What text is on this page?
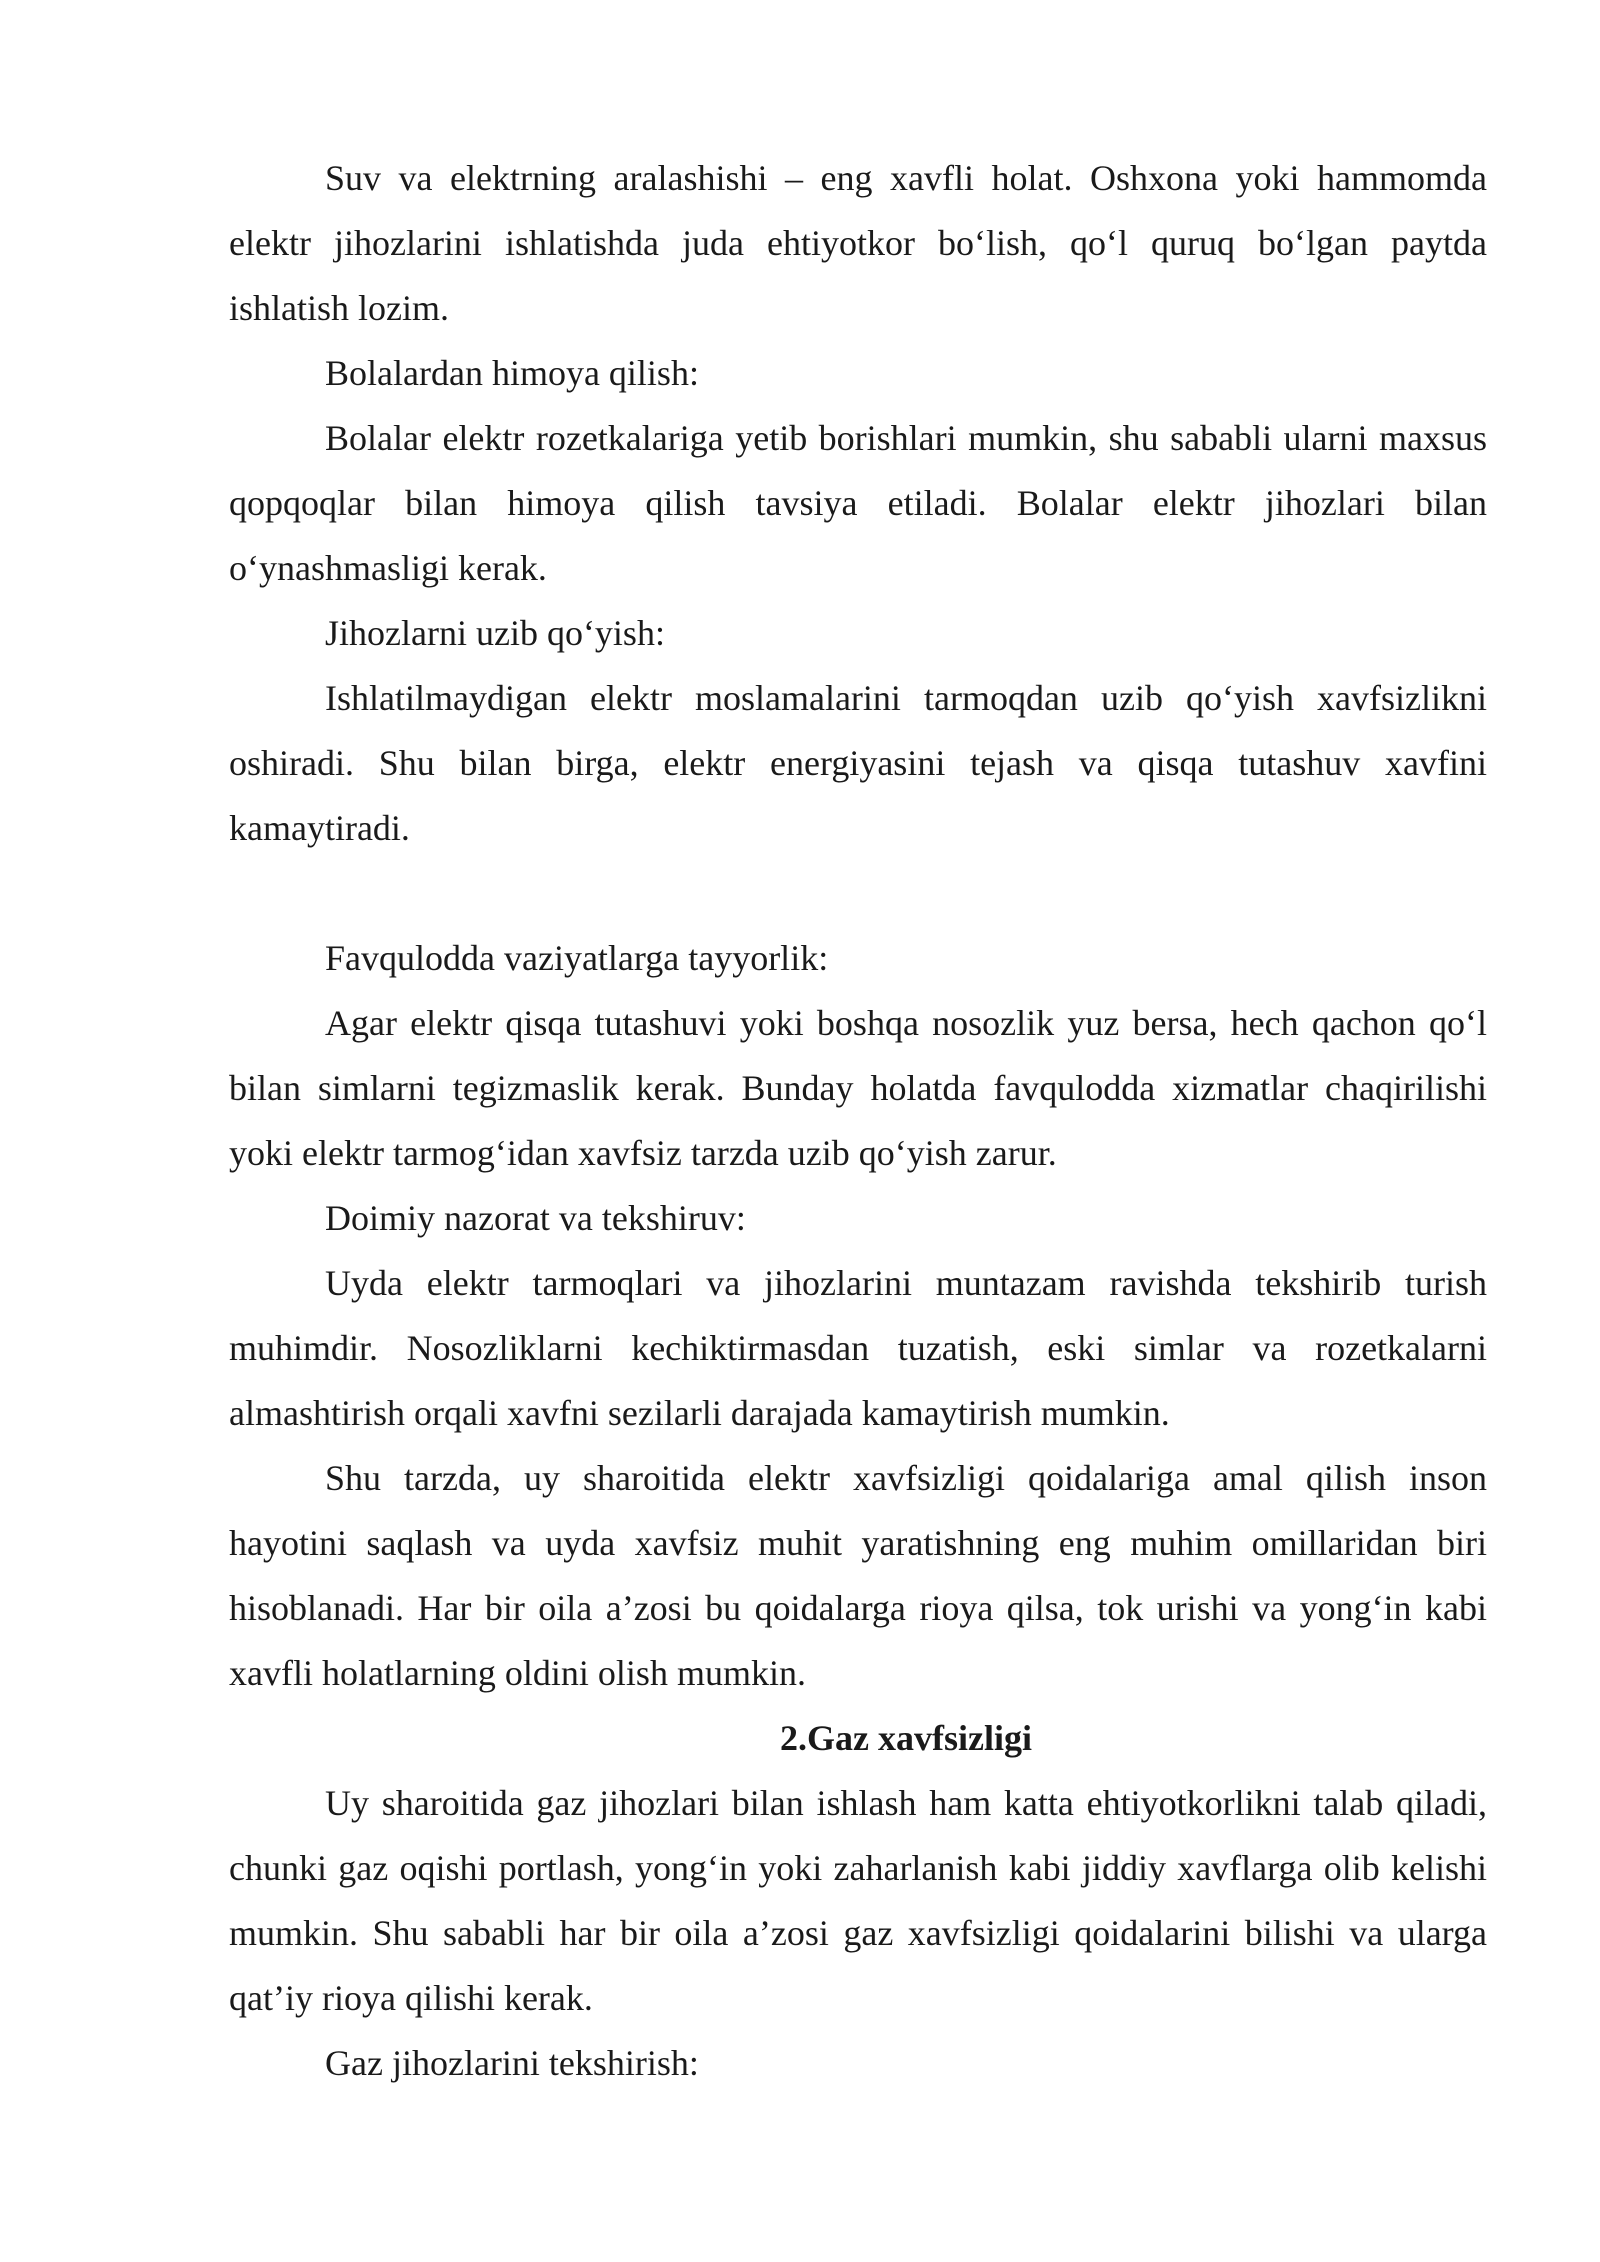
Suv va elektrning aralashishi – eng xavfli holat. Oshxona yoki hammomda elektr jihozlarini ishlatishda juda ehtiyotkor bo‘lish, qo‘l quruq bo‘lgan paytda ishlatish lozim.

Bolalardan himoya qilish:

Bolalar elektr rozetkalariga yetib borishlari mumkin, shu sababli ularni maxsus qopqoqlar bilan himoya qilish tavsiya etiladi. Bolalar elektr jihozlari bilan o‘ynashmasligi kerak.

Jihozlarni uzib qo‘yish:

Ishlatilmaydigan elektr moslamalarini tarmoqdan uzib qo‘yish xavfsizlikni oshiradi. Shu bilan birga, elektr energiyasini tejash va qisqa tutashuv xavfini kamaytiradi.

Favqulodda vaziyatlarga tayyorlik:

Agar elektr qisqa tutashuvi yoki boshqa nosozlik yuz bersa, hech qachon qo‘l bilan simlarni tegizmaslik kerak. Bunday holatda favqulodda xizmatlar chaqirilishi yoki elektr tarmog‘idan xavfsiz tarzda uzib qo‘yish zarur.

Doimiy nazorat va tekshiruv:

Uyda elektr tarmoqlari va jihozlarini muntazam ravishda tekshirib turish muhimdir. Nosozliklarni kechiktirmasdan tuzatish, eski simlar va rozetkalarni almashtirish orqali xavfni sezilarli darajada kamaytirish mumkin.

Shu tarzda, uy sharoitida elektr xavfsizligi qoidalariga amal qilish inson hayotini saqlash va uyda xavfsiz muhit yaratishning eng muhim omillaridan biri hisoblanadi. Har bir oila a’zosi bu qoidalarga rioya qilsa, tok urishi va yong‘in kabi xavfli holatlarning oldini olish mumkin.

2.Gaz xavfsizligi

Uy sharoitida gaz jihozlari bilan ishlash ham katta ehtiyotkorlikni talab qiladi, chunki gaz oqishi portlash, yong‘in yoki zaharlanish kabi jiddiy xavflarga olib kelishi mumkin. Shu sababli har bir oila a’zosi gaz xavfsizligi qoidalarini bilishi va ularga qat’iy rioya qilishi kerak.

Gaz jihozlarini tekshirish:
